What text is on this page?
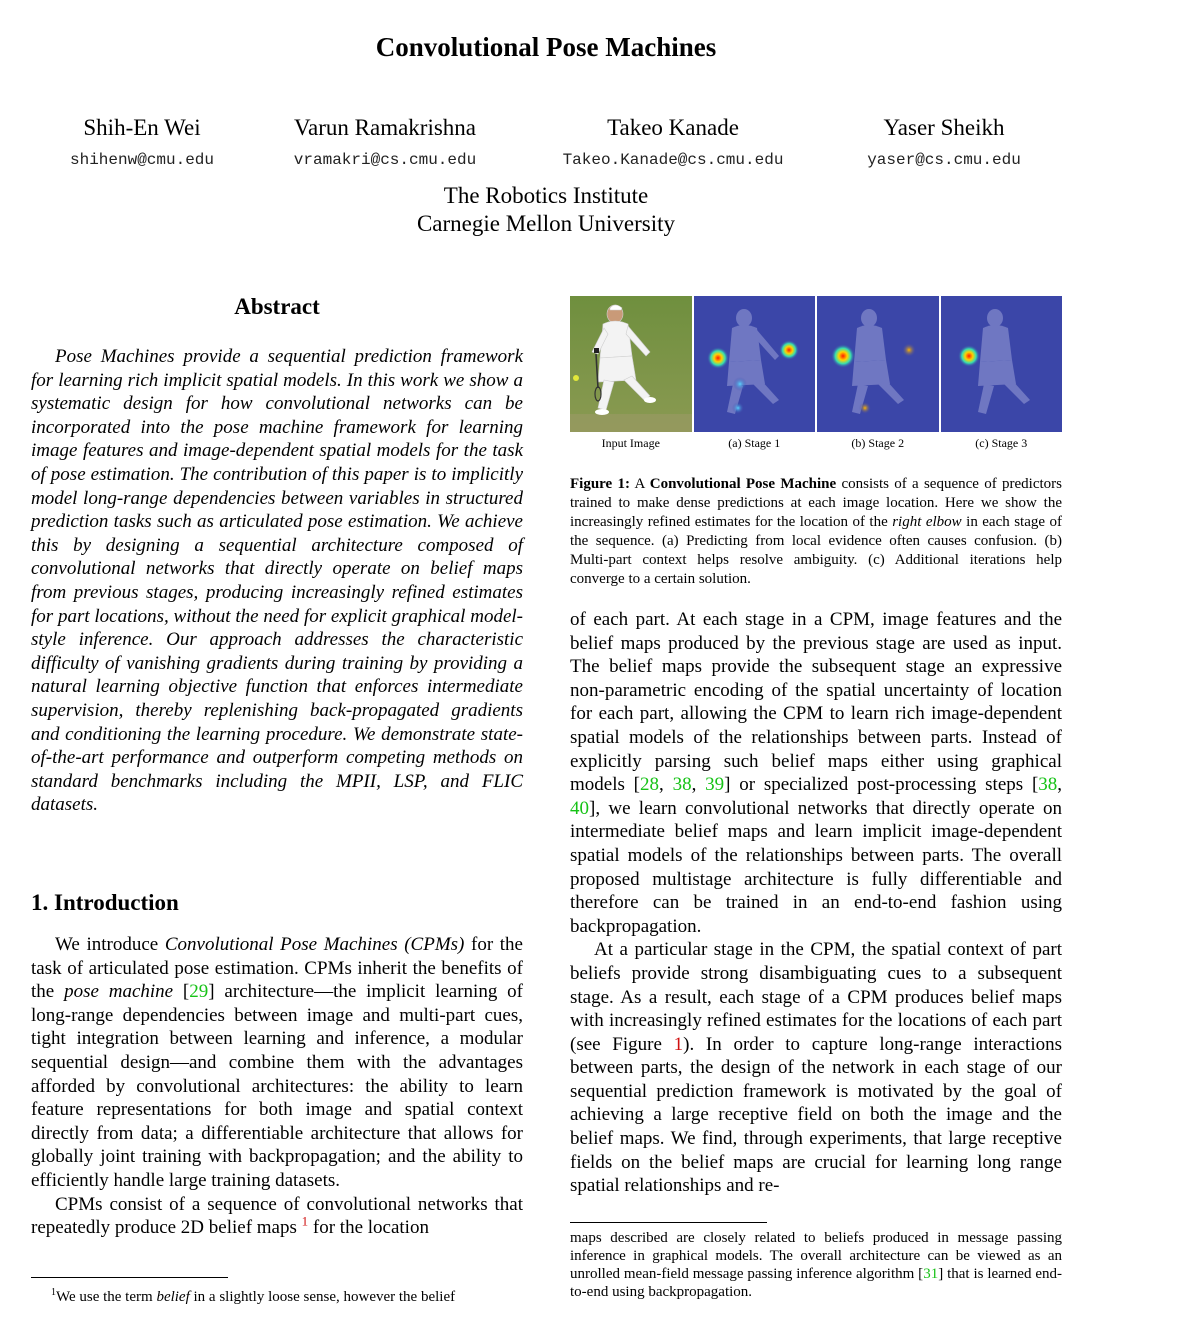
Convolutional Pose Machines
Shih-En Wei
shihenw@cmu.edu
Varun Ramakrishna
vramakri@cs.cmu.edu
Takeo Kanade
Takeo.Kanade@cs.cmu.edu
Yaser Sheikh
yaser@cs.cmu.edu
The Robotics Institute
Carnegie Mellon University
Abstract
Pose Machines provide a sequential prediction framework for learning rich implicit spatial models. In this work we show a systematic design for how convolutional networks can be incorporated into the pose machine framework for learning image features and image-dependent spatial models for the task of pose estimation. The contribution of this paper is to implicitly model long-range dependencies between variables in structured prediction tasks such as articulated pose estimation. We achieve this by designing a sequential architecture composed of convolutional networks that directly operate on belief maps from previous stages, producing increasingly refined estimates for part locations, without the need for explicit graphical model-style inference. Our approach addresses the characteristic difficulty of vanishing gradients during training by providing a natural learning objective function that enforces intermediate supervision, thereby replenishing back-propagated gradients and conditioning the learning procedure. We demonstrate state-of-the-art performance and outperform competing methods on standard benchmarks including the MPII, LSP, and FLIC datasets.
1. Introduction

We introduce Convolutional Pose Machines (CPMs) for the task of articulated pose estimation. CPMs inherit the benefits of the pose machine [29] architecture—the implicit learning of long-range dependencies between image and multi-part cues, tight integration between learning and inference, a modular sequential design—and combine them with the advantages afforded by convolutional architectures: the ability to learn feature representations for both image and spatial context directly from data; a differentiable architecture that allows for globally joint training with backpropagation; and the ability to efficiently handle large training datasets.

CPMs consist of a sequence of convolutional networks that repeatedly produce 2D belief maps $^1$ for the location

$^1$We use the term belief in a slightly loose sense, however the belief
Input Image	(a) Stage 1	(b) Stage 2	(c) Stage 3
Figure 1: A Convolutional Pose Machine consists of a sequence of predictors trained to make dense predictions at each image location. Here we show the increasingly refined estimates for the location of the right elbow in each stage of the sequence. (a) Predicting from local evidence often causes confusion. (b) Multi-part context helps resolve ambiguity. (c) Additional iterations help converge to a certain solution.

of each part. At each stage in a CPM, image features and the belief maps produced by the previous stage are used as input. The belief maps provide the subsequent stage an expressive non-parametric encoding of the spatial uncertainty of location for each part, allowing the CPM to learn rich image-dependent spatial models of the relationships between parts. Instead of explicitly parsing such belief maps either using graphical models [28, 38, 39] or specialized post-processing steps [38, 40], we learn convolutional networks that directly operate on intermediate belief maps and learn implicit image-dependent spatial models of the relationships between parts. The overall proposed multistage architecture is fully differentiable and therefore can be trained in an end-to-end fashion using backpropagation.

At a particular stage in the CPM, the spatial context of part beliefs provide strong disambiguating cues to a subsequent stage. As a result, each stage of a CPM produces belief maps with increasingly refined estimates for the locations of each part (see Figure 1). In order to capture long-range interactions between parts, the design of the network in each stage of our sequential prediction framework is motivated by the goal of achieving a large receptive field on both the image and the belief maps. We find, through experiments, that large receptive fields on the belief maps are crucial for learning long range spatial relationships and re-

maps described are closely related to beliefs produced in message passing inference in graphical models. The overall architecture can be viewed as an unrolled mean-field message passing inference algorithm [31] that is learned end-to-end using backpropagation.
